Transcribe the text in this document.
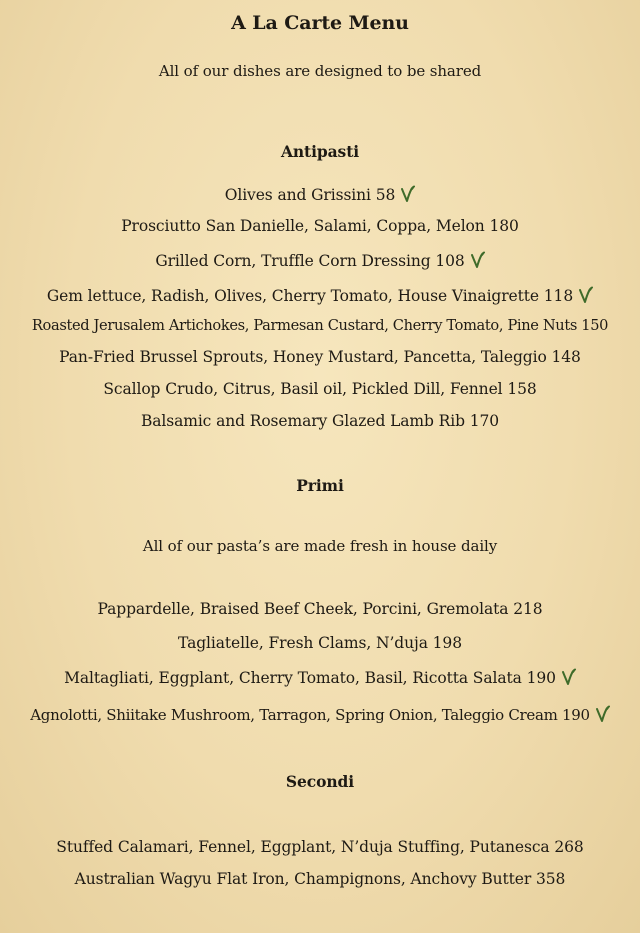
A La Carte Menu
All of our dishes are designed to be shared
Antipasti
Olives and Grissini 58
Prosciutto San Danielle, Salami, Coppa, Melon 180
Grilled Corn, Truffle Corn Dressing 108
Gem lettuce, Radish, Olives, Cherry Tomato, House Vinaigrette 118
Roasted Jerusalem Artichokes, Parmesan Custard, Cherry Tomato, Pine Nuts 150
Pan-Fried Brussel Sprouts, Honey Mustard, Pancetta, Taleggio 148
Scallop Crudo, Citrus, Basil oil, Pickled Dill, Fennel 158
Balsamic and Rosemary Glazed Lamb Rib 170
Primi
All of our pasta’s are made fresh in house daily
Pappardelle, Braised Beef Cheek, Porcini, Gremolata 218
Tagliatelle, Fresh Clams, N’duja 198
Maltagliati, Eggplant, Cherry Tomato, Basil, Ricotta Salata 190
Agnolotti, Shiitake Mushroom, Tarragon, Spring Onion, Taleggio Cream 190
Secondi
Stuffed Calamari, Fennel, Eggplant, N’duja Stuffing, Putanesca 268
Australian Wagyu Flat Iron, Champignons, Anchovy Butter 358
